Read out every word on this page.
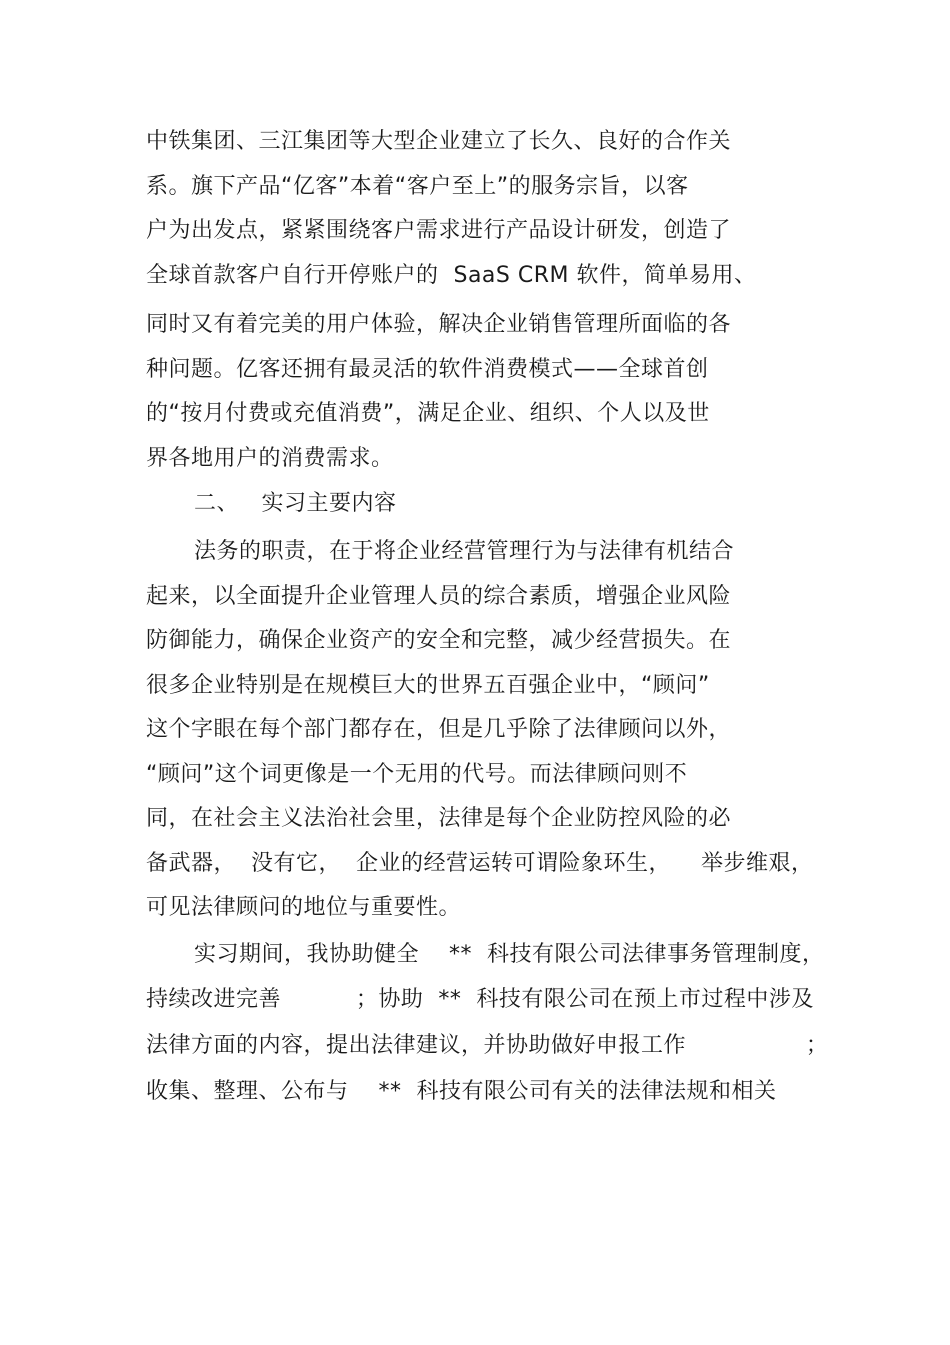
中铁集团、三江集团等大型企业建立了长久、良好的合作关
系。旗下产品“亿客”本着“客户至上”的服务宗旨，以客
户为出发点，紧紧围绕客户需求进行产品设计研发，创造了
全球首款客户自行开停账户的  SaaS CRM 软件，简单易用、
同时又有着完美的用户体验，解决企业销售管理所面临的各
种问题。亿客还拥有最灵活的软件消费模式——全球首创
的“按月付费或充值消费”，满足企业、组织、个人以及世
界各地用户的消费需求。
二、   实习主要内容
法务的职责，在于将企业经营管理行为与法律有机结合
起来，以全面提升企业管理人员的综合素质，增强企业风险
防御能力，确保企业资产的安全和完整，减少经营损失。在
很多企业特别是在规模巨大的世界五百强企业中，“顾问”
这个字眼在每个部门都存在，但是几乎除了法律顾问以外，
“顾问”这个词更像是一个无用的代号。而法律顾问则不
同，在社会主义法治社会里，法律是每个企业防控风险的必
备武器，  没有它，  企业的经营运转可谓险象环生，    举步维艰，
可见法律顾问的地位与重要性。
实习期间，我协助健全    **  科技有限公司法律事务管理制度，
持续改进完善          ；协助  **  科技有限公司在预上市过程中涉及
法律方面的内容，提出法律建议，并协助做好申报工作                ；
收集、整理、公布与    **  科技有限公司有关的法律法规和相关
